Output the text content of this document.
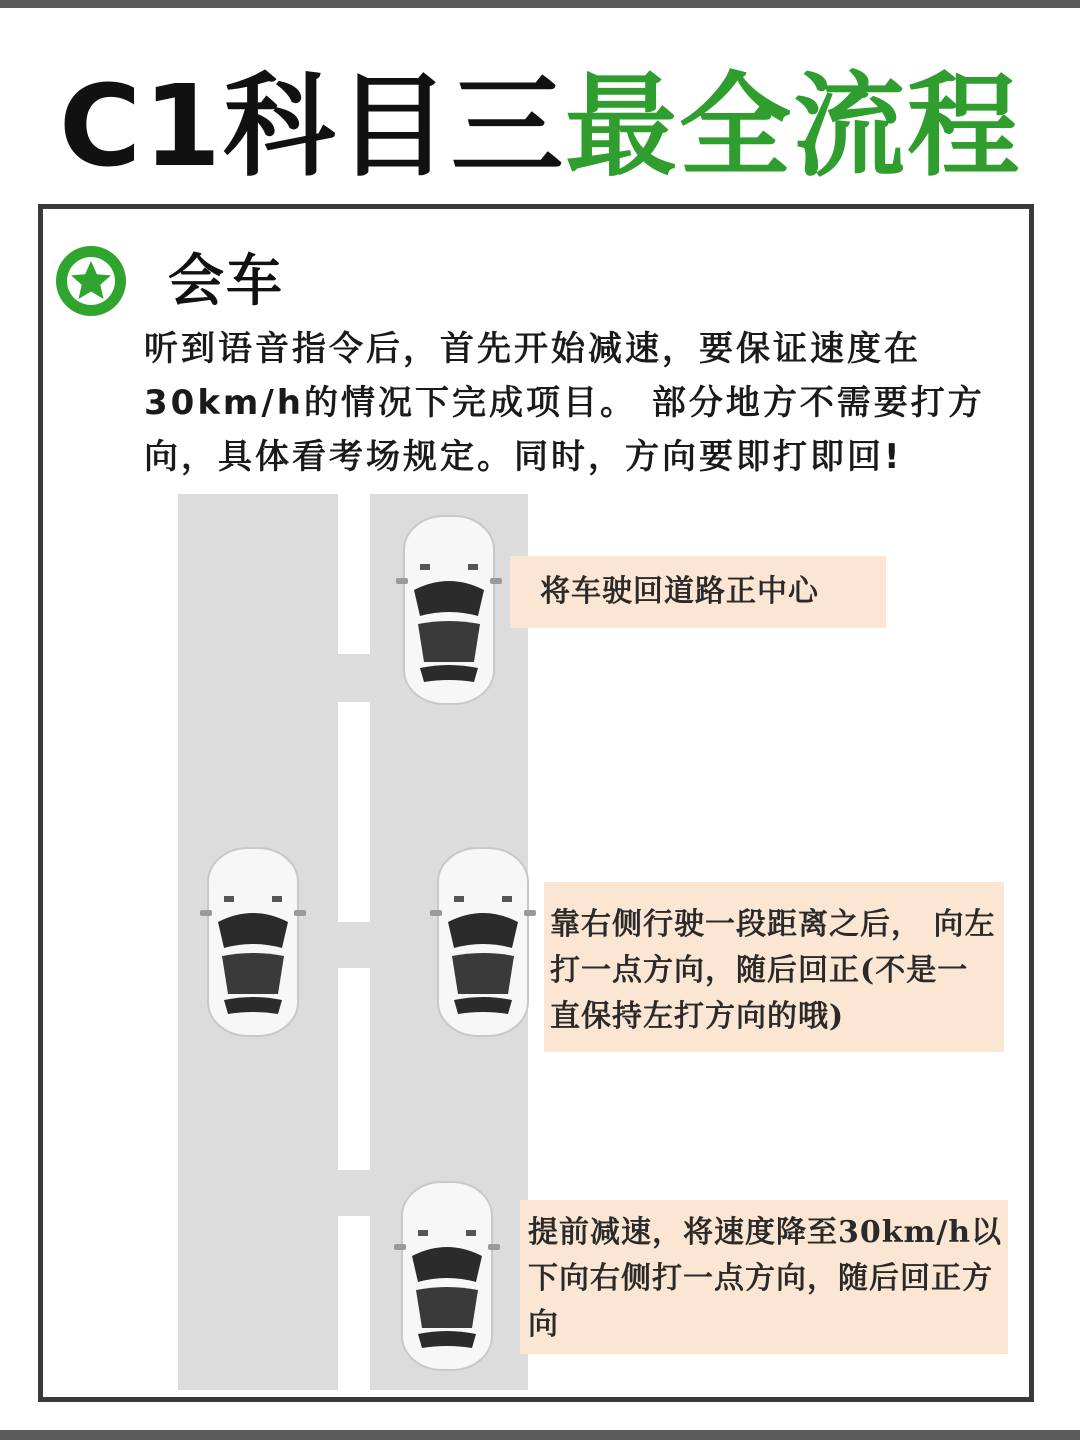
C1科目三最全流程
会车
听到语音指令后，首先开始减速，要保证速度在30km/h的情况下完成项目。 部分地方不需要打方向，具体看考场规定。同时，方向要即打即回!
将车驶回道路正中心
靠右侧行驶一段距离之后， 向左打一点方向，随后回正(不是一直保持左打方向的哦)
提前减速，将速度降至30km/h以下向右侧打一点方向，随后回正方向
